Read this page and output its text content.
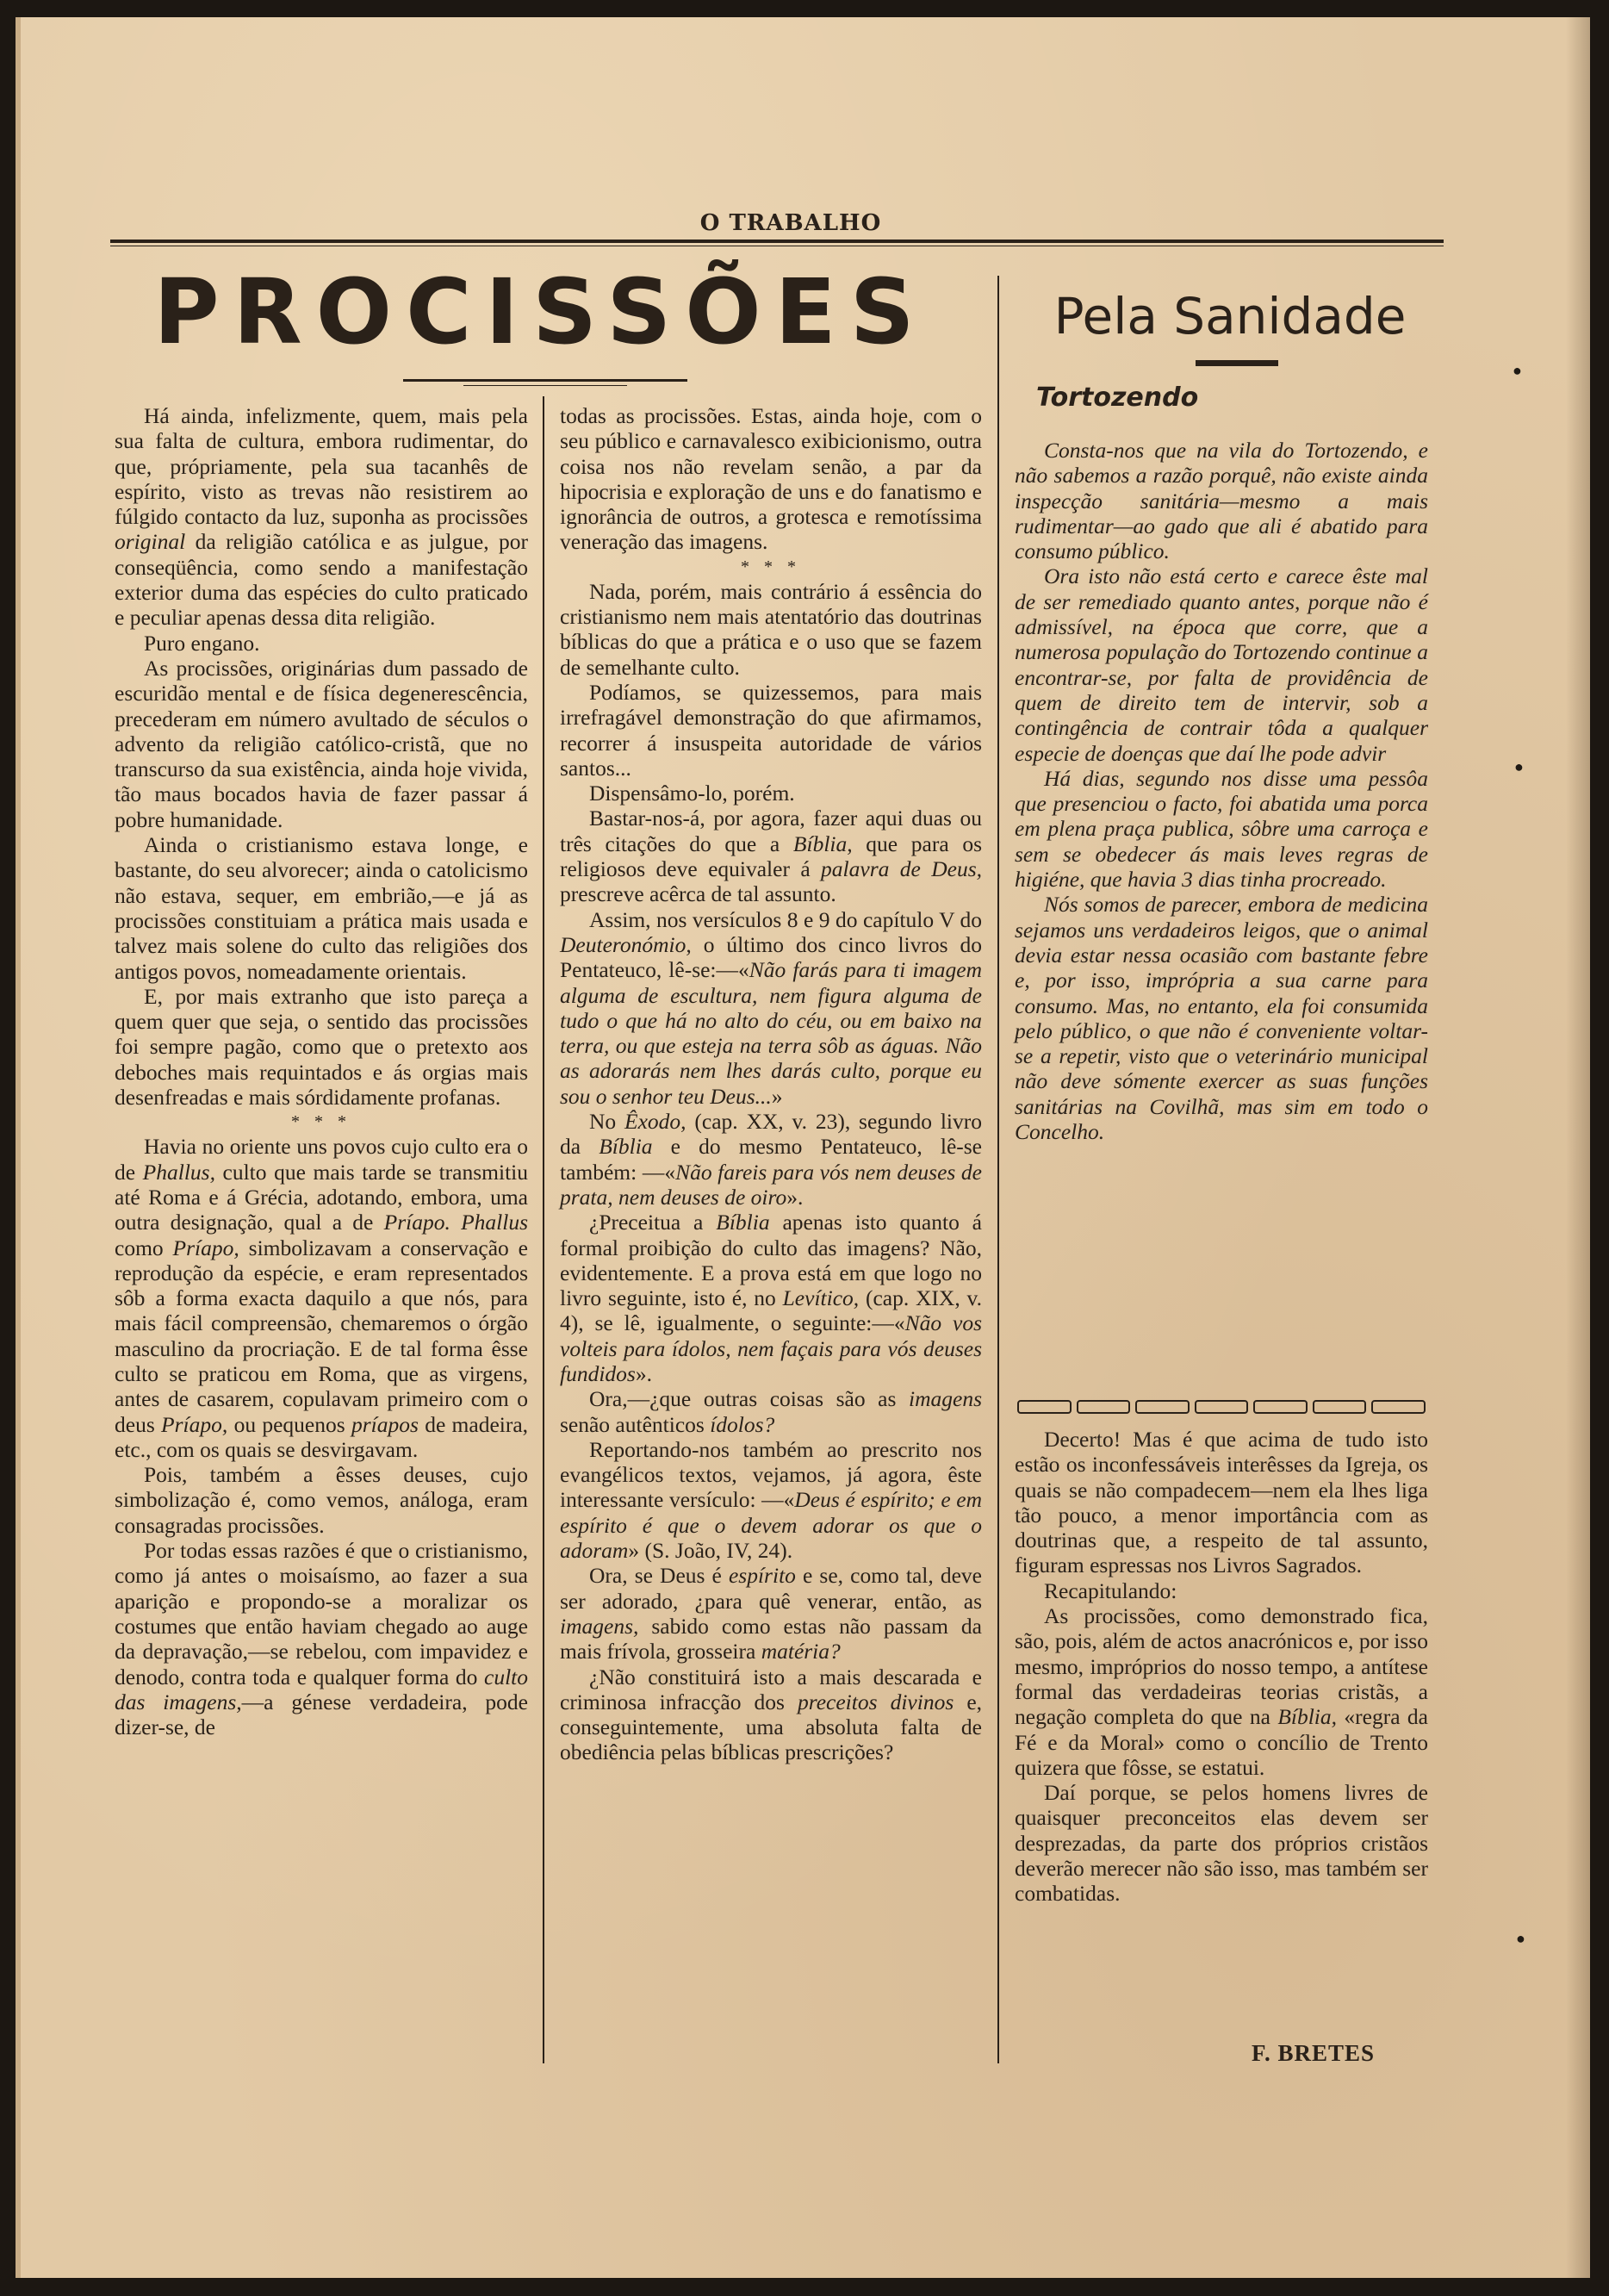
O TRABALHO
PROCISSÕES

Há ainda, infelizmente, quem, mais pela sua falta de cultura, embora rudimentar, do que, própriamente, pela sua tacanhês de espírito, visto as trevas não resistirem ao fúlgido contacto da luz, suponha as procissões original da religião católica e as julgue, por conseqüência, como sendo a manifestação exterior duma das espécies do culto praticado e peculiar apenas dessa dita religião.

Puro engano.

As procissões, originárias dum passado de escuridão mental e de física degenerescência, precederam em número avultado de séculos o advento da religião católico-cristã, que no transcurso da sua existência, ainda hoje vivida, tão maus bocados havia de fazer passar á pobre humanidade.

Ainda o cristianismo estava longe, e bastante, do seu alvorecer; ainda o catolicismo não estava, sequer, em embrião,—e já as procissões constituiam a prática mais usada e talvez mais solene do culto das religiões dos antigos povos, nomeadamente orientais.

E, por mais extranho que isto pareça a quem quer que seja, o sentido das procissões foi sempre pagão, como que o pretexto aos deboches mais requintados e ás orgias mais desenfreadas e mais sórdidamente profanas.

* * *

Havia no oriente uns povos cujo culto era o de Phallus, culto que mais tarde se transmitiu até Roma e á Grécia, adotando, embora, uma outra designação, qual a de Príapo. Phallus como Príapo, simbolizavam a conservação e reprodução da espécie, e eram representados sôb a forma exacta daquilo a que nós, para mais fácil compreensão, chemaremos o órgão masculino da procriação. E de tal forma êsse culto se praticou em Roma, que as virgens, antes de casarem, copulavam primeiro com o deus Príapo, ou pequenos príapos de madeira, etc., com os quais se desvirgavam.

Pois, também a êsses deuses, cujo simbolização é, como vemos, análoga, eram consagradas procissões.

Por todas essas razões é que o cristianismo, como já antes o moisaísmo, ao fazer a sua aparição e propondo-se a moralizar os costumes que então haviam chegado ao auge da depravação,—se rebelou, com impavidez e denodo, contra toda e qualquer forma do culto das imagens,—a génese verdadeira, pode dizer-se, de

todas as procissões. Estas, ainda hoje, com o seu público e carnavalesco exibicionismo, outra coisa nos não revelam senão, a par da hipocrisia e exploração de uns e do fanatismo e ignorância de outros, a grotesca e remotíssima veneração das imagens.

* * *

Nada, porém, mais contrário á essência do cristianismo nem mais atentatório das doutrinas bíblicas do que a prática e o uso que se fazem de semelhante culto.

Podíamos, se quizessemos, para mais irrefragável demonstração do que afirmamos, recorrer á insuspeita autoridade de vários santos...

Dispensâmo-lo, porém.

Bastar-nos-á, por agora, fazer aqui duas ou três citações do que a Bíblia, que para os religiosos deve equivaler á palavra de Deus, prescreve acêrca de tal assunto.

Assim, nos versículos 8 e 9 do capítulo V do Deuteronómio, o último dos cinco livros do Pentateuco, lê-se:—«Não farás para ti imagem alguma de escultura, nem figura alguma de tudo o que há no alto do céu, ou em baixo na terra, ou que esteja na terra sôb as águas. Não as adorarás nem lhes darás culto, porque eu sou o senhor teu Deus...»

No Êxodo, (cap. XX, v. 23), segundo livro da Bíblia e do mesmo Pentateuco, lê-se também: —«Não fareis para vós nem deuses de prata, nem deuses de oiro».

¿Preceitua a Bíblia apenas isto quanto á formal proibição do culto das imagens? Não, evidentemente. E a prova está em que logo no livro seguinte, isto é, no Levítico, (cap. XIX, v. 4), se lê, igualmente, o seguinte:—«Não vos volteis para ídolos, nem façais para vós deuses fundidos».

Ora,—¿que outras coisas são as imagens senão autênticos ídolos?

Reportando-nos também ao prescrito nos evangélicos textos, vejamos, já agora, êste interessante versículo: —«Deus é espírito; e em espírito é que o devem adorar os que o adoram» (S. João, IV, 24).

Ora, se Deus é espírito e se, como tal, deve ser adorado, ¿para quê venerar, então, as imagens, sabido como estas não passam da mais frívola, grosseira matéria?

¿Não constituirá isto a mais descarada e criminosa infracção dos preceitos divinos e, conseguintemente, uma absoluta falta de obediência pelas bíblicas prescrições?

Pela Sanidade
Tortozendo

Consta-nos que na vila do Tortozendo, e não sabemos a razão porquê, não existe ainda inspecção sanitária—mesmo a mais rudimentar—ao gado que ali é abatido para consumo público.

Ora isto não está certo e carece êste mal de ser remediado quanto antes, porque não é admissível, na época que corre, que a numerosa população do Tortozendo continue a encontrar-se, por falta de providência de quem de direito tem de intervir, sob a contingência de contrair tôda a qualquer especie de doenças que daí lhe pode advir

Há dias, segundo nos disse uma pessôa que presenciou o facto, foi abatida uma porca em plena praça publica, sôbre uma carroça e sem se obedecer ás mais leves regras de higiéne, que havia 3 dias tinha procreado.

Nós somos de parecer, embora de medicina sejamos uns verdadeiros leigos, que o animal devia estar nessa ocasião com bastante febre e, por isso, imprópria a sua carne para consumo. Mas, no entanto, ela foi consumida pelo público, o que não é conveniente voltar-se a repetir, visto que o veterinário municipal não deve sómente exercer as suas funções sanitárias na Covilhã, mas sim em todo o Concelho.

Decerto! Mas é que acima de tudo isto estão os inconfessáveis interêsses da Igreja, os quais se não compadecem—nem ela lhes liga tão pouco, a menor importância com as doutrinas que, a respeito de tal assunto, figuram espressas nos Livros Sagrados.

Recapitulando:

As procissões, como demonstrado fica, são, pois, além de actos anacrónicos e, por isso mesmo, impróprios do nosso tempo, a antítese formal das verdadeiras teorias cristãs, a negação completa do que na Bíblia, «regra da Fé e da Moral» como o concílio de Trento quizera que fôsse, se estatui.

Daí porque, se pelos homens livres de quaisquer preconceitos elas devem ser desprezadas, da parte dos próprios cristãos deverão merecer não são isso, mas também ser combatidas.

F. BRETES
●
●
●
